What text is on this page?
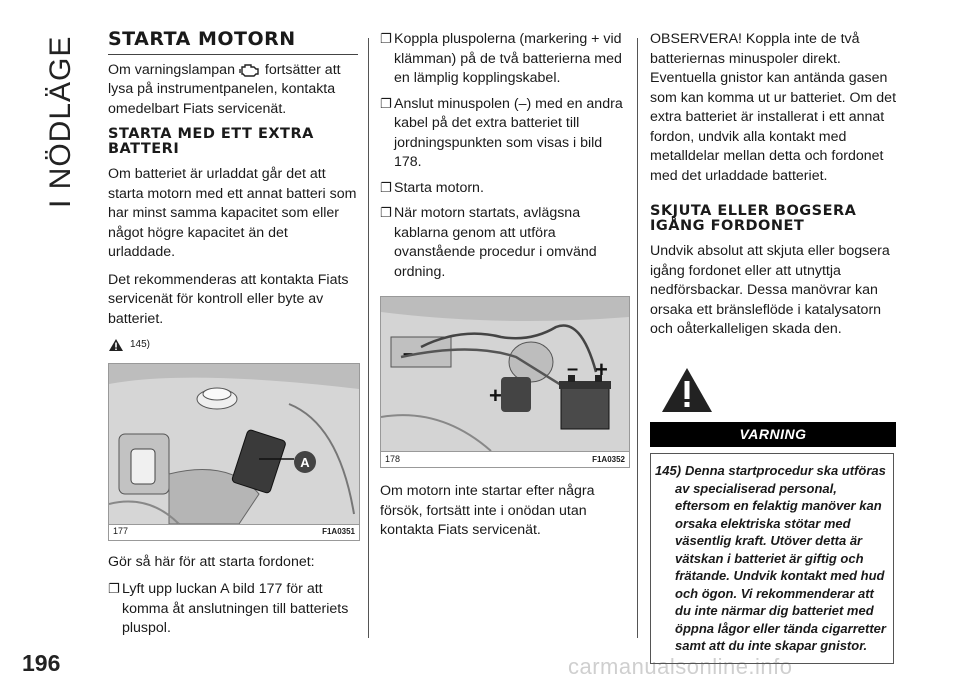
I NÖDLÄGE
196	carmanualsonline.info
STARTA MOTORN

Om varningslampan fortsätter att lysa på instrumentpanelen, kontakta omedelbart Fiats servicenät.

STARTA MED ETT EXTRA BATTERI

Om batteriet är urladdat går det att starta motorn med ett annat batteri som har minst samma kapacitet som eller något högre kapacitet än det urladdade.

Det rekommenderas att kontakta Fiats servicenät för kontroll eller byte av batteriet.

145)
A
177	F1A0351

Gör så här för att starta fordonet:

❐ Lyft upp luckan A bild 177 för att komma åt anslutningen till batteriets pluspol.
❐ Koppla pluspolerna (markering + vid klämman) på de två batterierna med en lämplig kopplingskabel.
❐ Anslut minuspolen (–) med en andra kabel på det extra batteriet till jordningspunkten som visas i bild 178.
❐ Starta motorn.
❐ När motorn startats, avlägsna kablarna genom att utföra ovanstående procedur i omvänd ordning.
–
– +
+
178	F1A0352

Om motorn inte startar efter några försök, fortsätt inte i onödan utan kontakta Fiats servicenät.

OBSERVERA! Koppla inte de två batteriernas minuspoler direkt. Eventuella gnistor kan antända gasen som kan komma ut ur batteriet. Om det extra batteriet är installerat i ett annat fordon, undvik alla kontakt med metalldelar mellan detta och fordonet med det urladdade batteriet.

SKJUTA ELLER BOGSERA IGÅNG FORDONET

Undvik absolut att skjuta eller bogsera igång fordonet eller att utnyttja nedförsbackar. Dessa manövrar kan orsaka ett bränsleflöde i katalysatorn och oåterkalleligen skada den.

VARNING
145) Denna startprocedur ska utföras av specialiserad personal, eftersom en felaktig manöver kan orsaka elektriska stötar med väsentlig kraft. Utöver detta är vätskan i batteriet är giftig och frätande. Undvik kontakt med hud och ögon. Vi rekommenderar att du inte närmar dig batteriet med öppna lågor eller tända cigarretter samt att du inte skapar gnistor.
